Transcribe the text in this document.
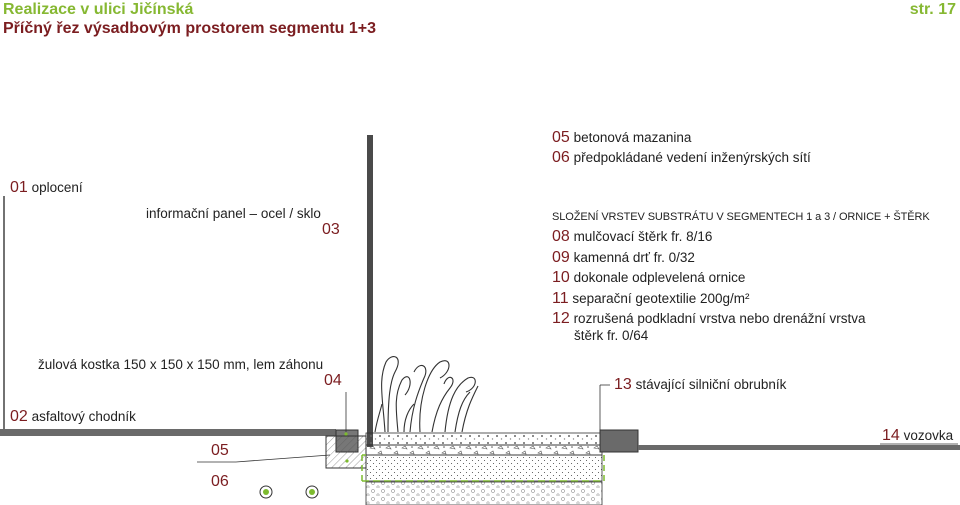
Realizace v ulici Jičínská
Příčný řez výsadbovým prostorem segmentu 1+3
str. 17
05 betonová mazanina
06 předpokládané vedení inženýrských sítí
SLOŽENÍ VRSTEV SUBSTRÁTU V SEGMENTECH 1 a 3 / ORNICE + ŠTĚRK
08 mulčovací štěrk fr. 8/16
09 kamenná drť fr. 0/32
10 dokonale odplevelená ornice
11 separační geotextilie 200g/m²
12 rozrušená podkladní vrstva nebo drenážní vrstva
štěrk fr. 0/64
01 oplocení
informační panel – ocel / sklo
03
žulová kostka 150 x 150 x 150 mm, lem záhonu
04
02 asfaltový chodník
05
06
13 stávající silniční obrubník
14 vozovka
